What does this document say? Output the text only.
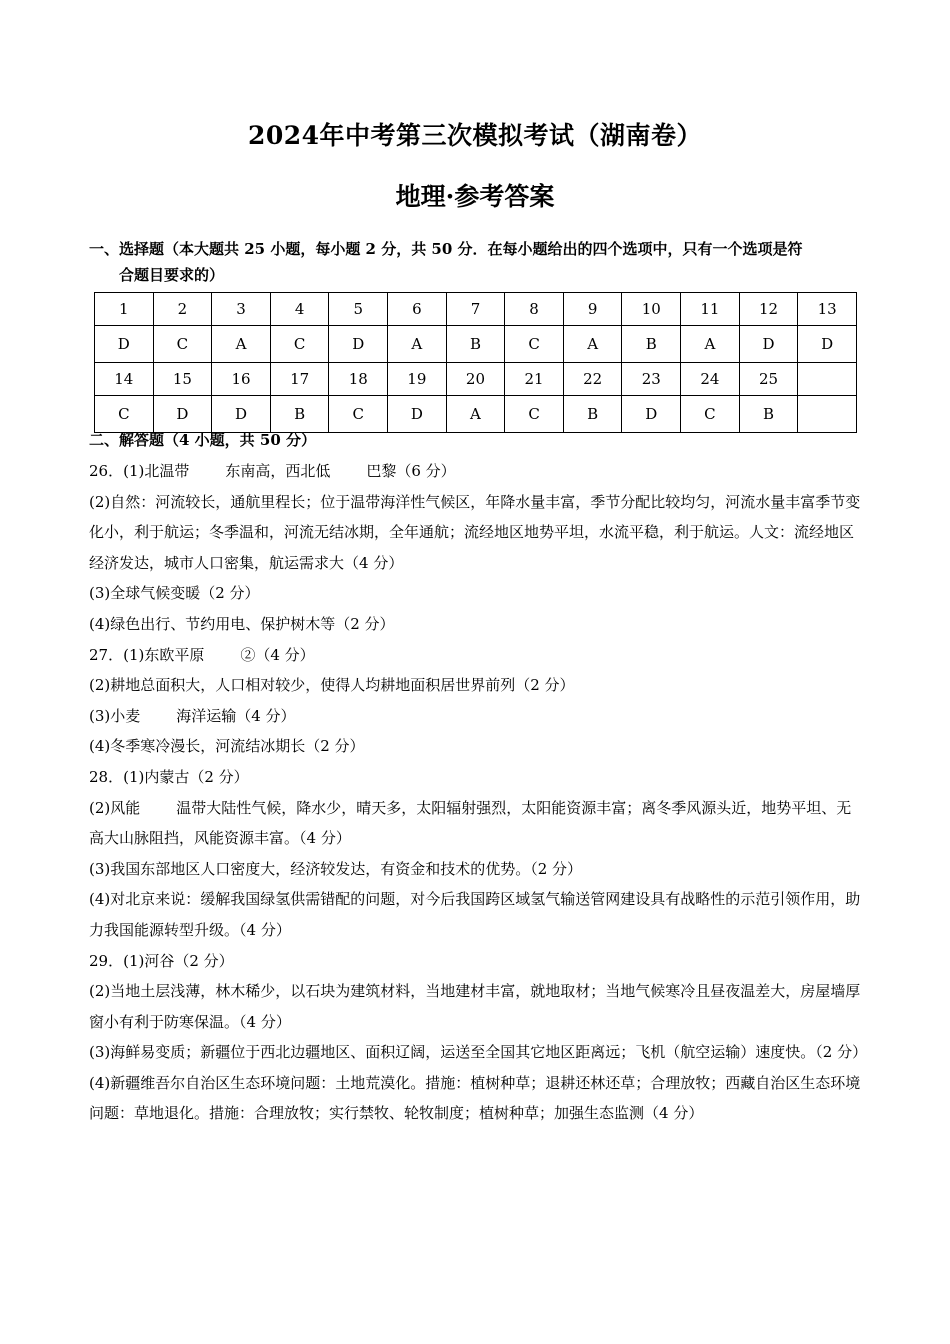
2024年中考第三次模拟考试（湖南卷）
地理·参考答案
一、选择题（本大题共 25 小题，每小题 2 分，共 50 分．在每小题给出的四个选项中，只有一个选项是符
合题目要求的）
1	2	3	4	5	6	7	8	9	10	11	12	13
D	C	A	C	D	A	B	C	A	B	A	D	D
14	15	16	17	18	19	20	21	22	23	24	25	
C	D	D	B	C	D	A	C	B	D	C	B	
二、解答题（4 小题，共 50 分）

26．(1)北温带 东南高，西北低 巴黎（6 分）

(2)自然：河流较长，通航里程长；位于温带海洋性气候区，年降水量丰富，季节分配比较均匀，河流水量丰富季节变化小，利于航运；冬季温和，河流无结冰期，全年通航；流经地区地势平坦，水流平稳，利于航运。人文：流经地区经济发达，城市人口密集，航运需求大（4 分）

(3)全球气候变暖（2 分）

(4)绿色出行、节约用电、保护树木等（2 分）

27．(1)东欧平原 ②（4 分）

(2)耕地总面积大，人口相对较少，使得人均耕地面积居世界前列（2 分）

(3)小麦 海洋运输（4 分）

(4)冬季寒冷漫长，河流结冰期长（2 分）

28．(1)内蒙古（2 分）

(2)风能 温带大陆性气候，降水少，晴天多，太阳辐射强烈，太阳能资源丰富；离冬季风源头近，地势平坦、无高大山脉阻挡，风能资源丰富。（4 分）

(3)我国东部地区人口密度大，经济较发达，有资金和技术的优势。（2 分）

(4)对北京来说：缓解我国绿氢供需错配的问题，对今后我国跨区域氢气输送管网建设具有战略性的示范引领作用，助力我国能源转型升级。（4 分）

29．(1)河谷（2 分）

(2)当地土层浅薄，林木稀少，以石块为建筑材料，当地建材丰富，就地取材；当地气候寒冷且昼夜温差大，房屋墙厚窗小有利于防寒保温。（4 分）

(3)海鲜易变质；新疆位于西北边疆地区、面积辽阔，运送至全国其它地区距离远；飞机（航空运输）速度快。（2 分）

(4)新疆维吾尔自治区生态环境问题：土地荒漠化。措施：植树种草；退耕还林还草；合理放牧；西藏自治区生态环境问题：草地退化。措施：合理放牧；实行禁牧、轮牧制度；植树种草；加强生态监测（4 分）
